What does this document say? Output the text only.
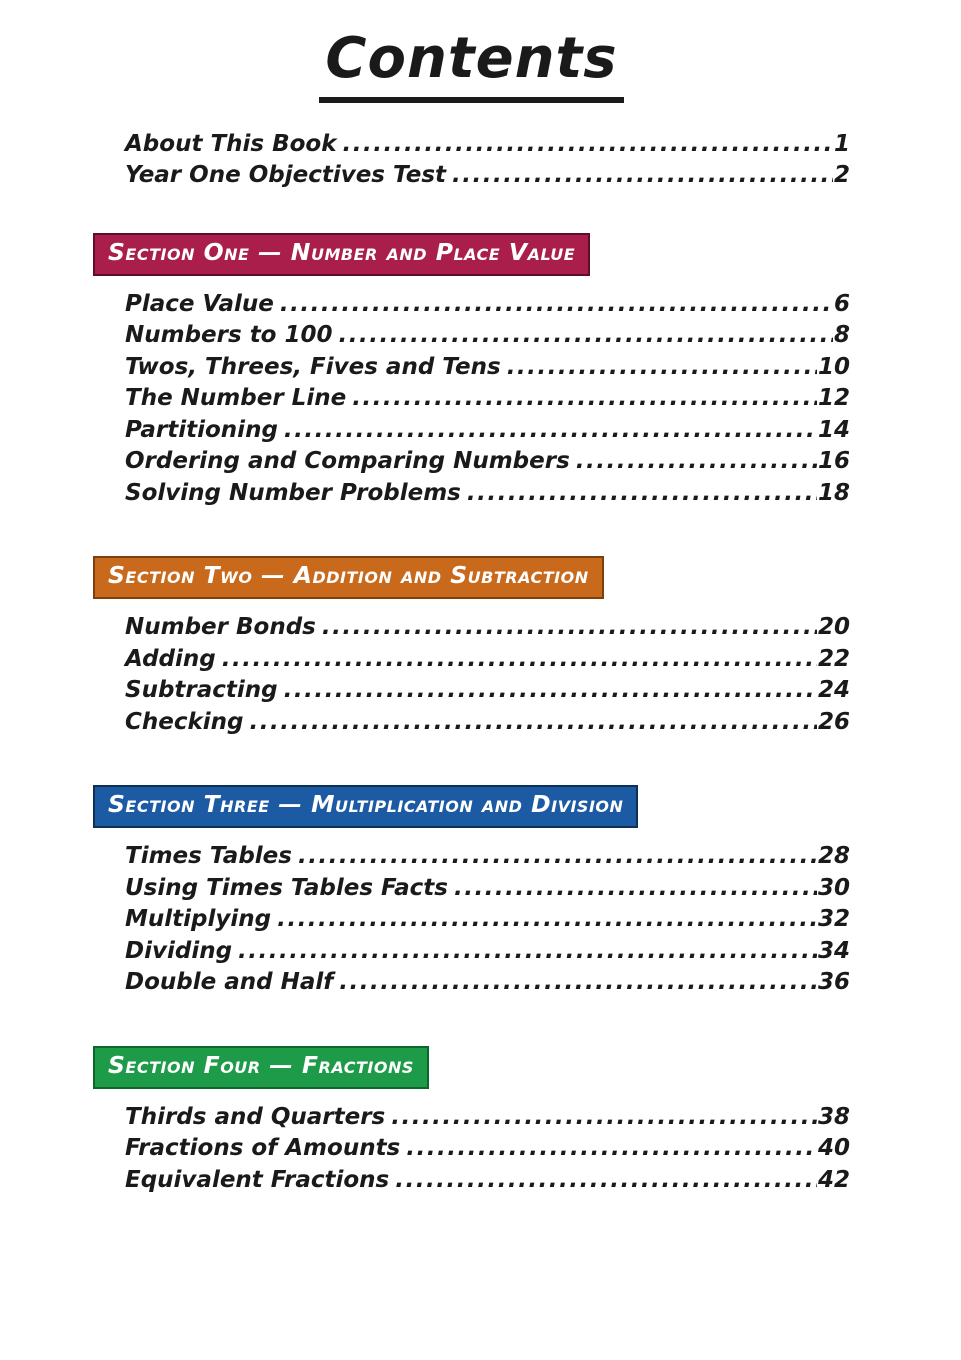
Contents
About This Book .....	1
Year One Objectives Test .....	2
Section One — Number and Place Value
Place Value .....	6
Numbers to 100 .....	8
Twos, Threes, Fives and Tens .....	10
The Number Line .....	12
Partitioning .....	14
Ordering and Comparing Numbers .....	16
Solving Number Problems .....	18
Section Two — Addition and Subtraction
Number Bonds .....	20
Adding .....	22
Subtracting .....	24
Checking .....	26
Section Three — Multiplication and Division
Times Tables .....	28
Using Times Tables Facts .....	30
Multiplying .....	32
Dividing .....	34
Double and Half .....	36
Section Four — Fractions
Thirds and Quarters .....	38
Fractions of Amounts .....	40
Equivalent Fractions .....	42
